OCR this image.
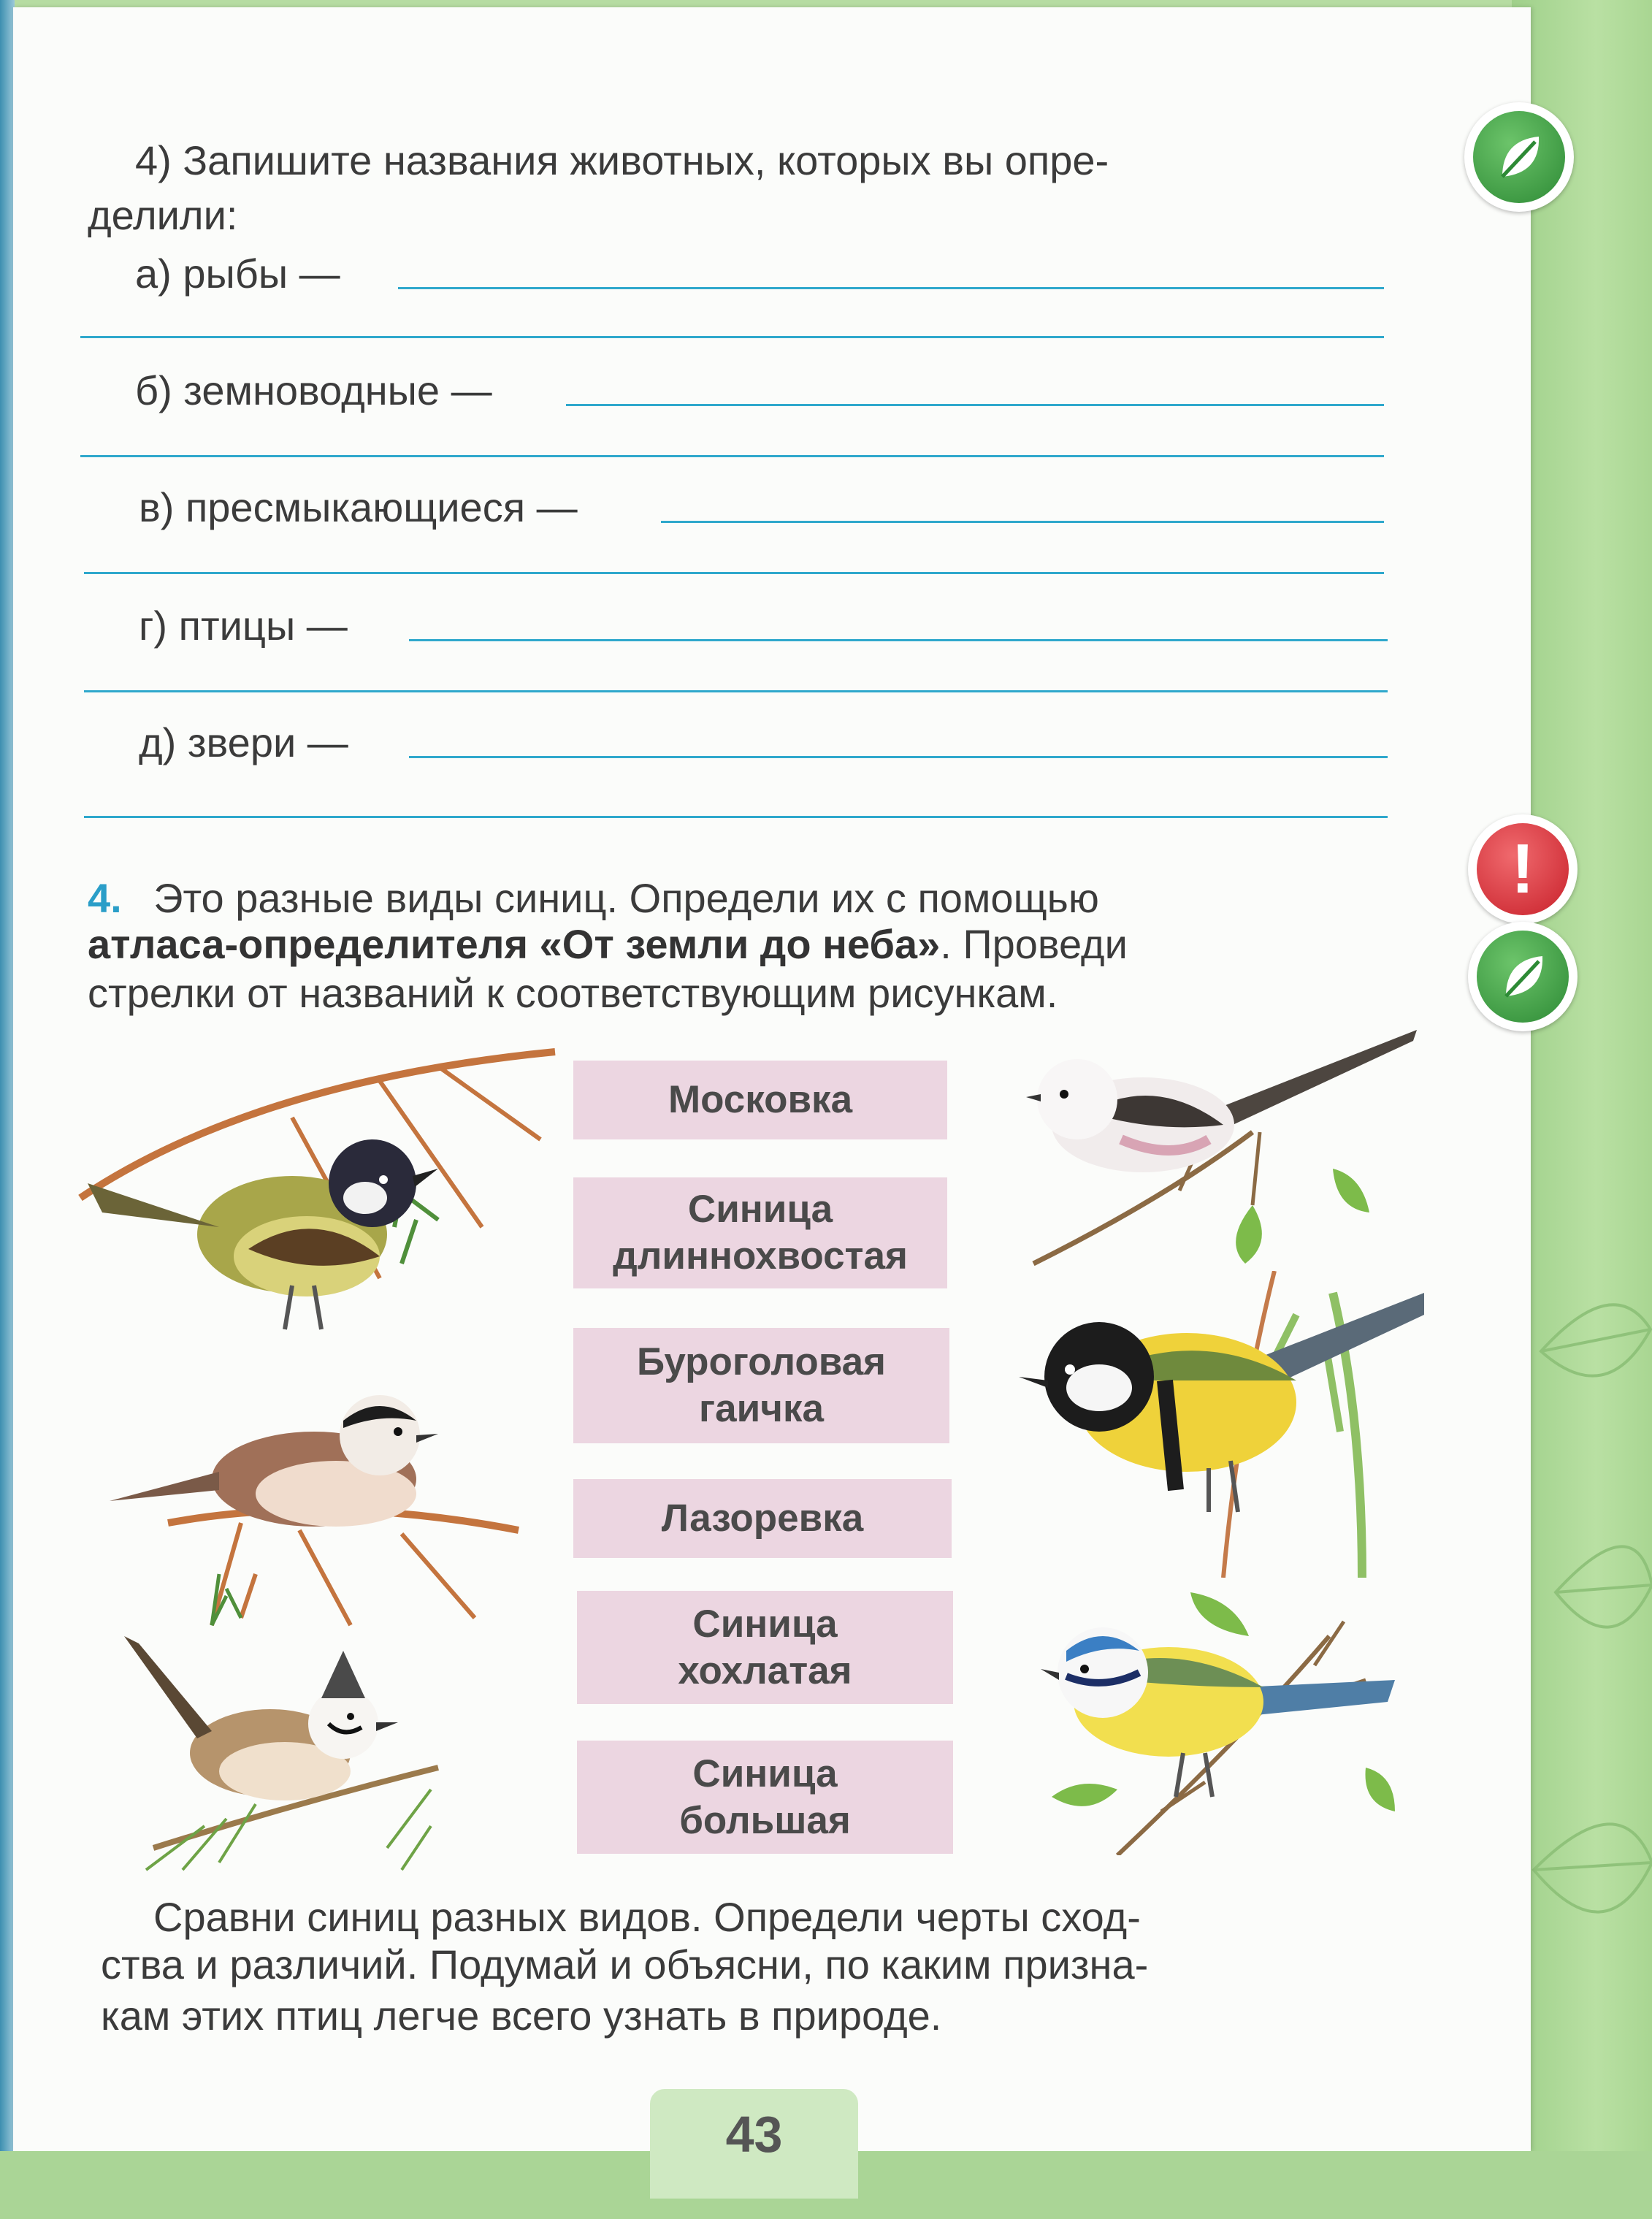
4) Запишите названия животных, которых вы опре-
делили:
а) рыбы —
б) земноводные —
в) пресмыкающиеся —
г) птицы —
д) звери —
!
4. Это разные виды синиц. Определи их с помощью
атласа-определителя «От земли до неба». Проведи
стрелки от названий к соответствующим рисункам.
Московка
Синица
длиннохвостая
Буроголовая
гаичка
Лазоревка
Синица
хохлатая
Синица
большая
Сравни синиц разных видов. Определи черты сход-
ства и различий. Подумай и объясни, по каким призна-
кам этих птиц легче всего узнать в природе.
43
